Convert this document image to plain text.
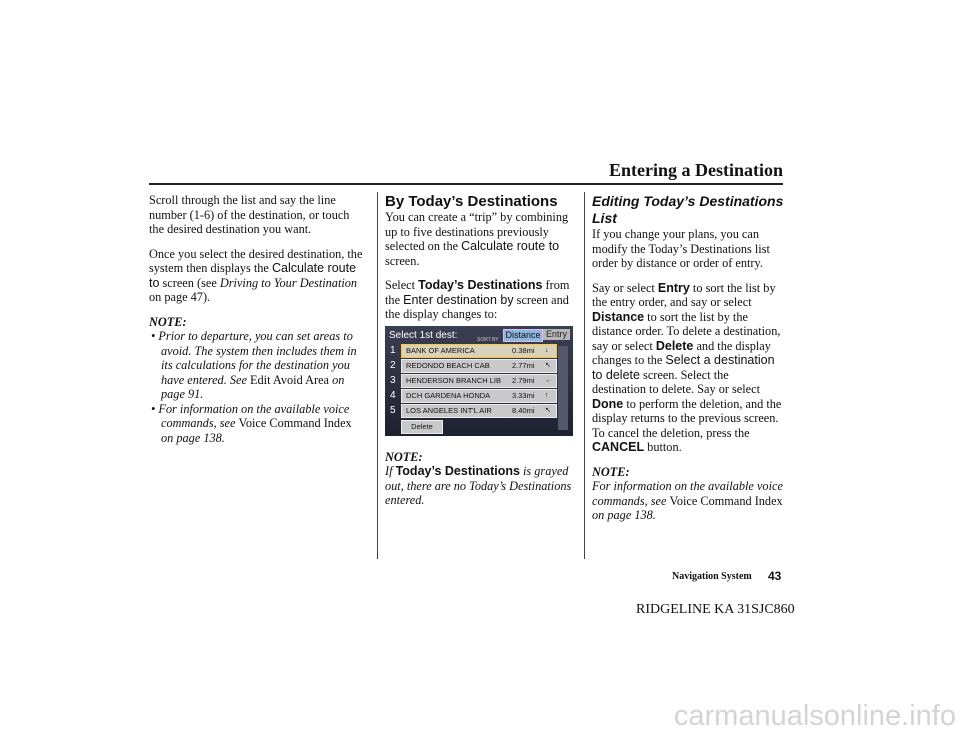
Entering a Destination

Scroll through the list and say the line number (1-6) of the destination, or touch the desired destination you want.

Once you select the desired destination, the system then displays the Calculate route to screen (see Driving to Your Destination on page 47).

NOTE:

• Prior to departure, you can set areas to avoid. The system then includes them in its calculations for the destination you have entered. See Edit Avoid Area on page 91.
• For information on the available voice commands, see Voice Command Index on page 138.

By Today’s Destinations

You can create a “trip” by combining up to five destinations previously selected on the Calculate route to screen.

Select Today’s Destinations from the Enter destination by screen and the display changes to:

Select 1st dest:	SORT BY Distance Entry
1 BANK OF AMERICA	0.38mi ↓
2 REDONDO BEACH CAB	2.77mi ↖
3 HENDERSON BRANCH LIB 2.79mi ←
4 DCH GARDENA HONDA	3.33mi ↑
5 LOS ANGELES INT'L AIR	8.40mi ↖
Delete

NOTE:

If Today’s Destinations is grayed out, there are no Today’s Destinations entered.

Editing Today’s Destinations List

If you change your plans, you can modify the Today’s Destinations list order by distance or order of entry.

Say or select Entry to sort the list by the entry order, and say or select Distance to sort the list by the distance order. To delete a destination, say or select Delete and the display changes to the Select a destination to delete screen. Select the destination to delete. Say or select Done to perform the deletion, and the display returns to the previous screen. To cancel the deletion, press the CANCEL button.

NOTE:

For information on the available voice commands, see Voice Command Index on page 138.

Navigation System 43
RIDGELINE KA 31SJC860
carmanualsonline.info
